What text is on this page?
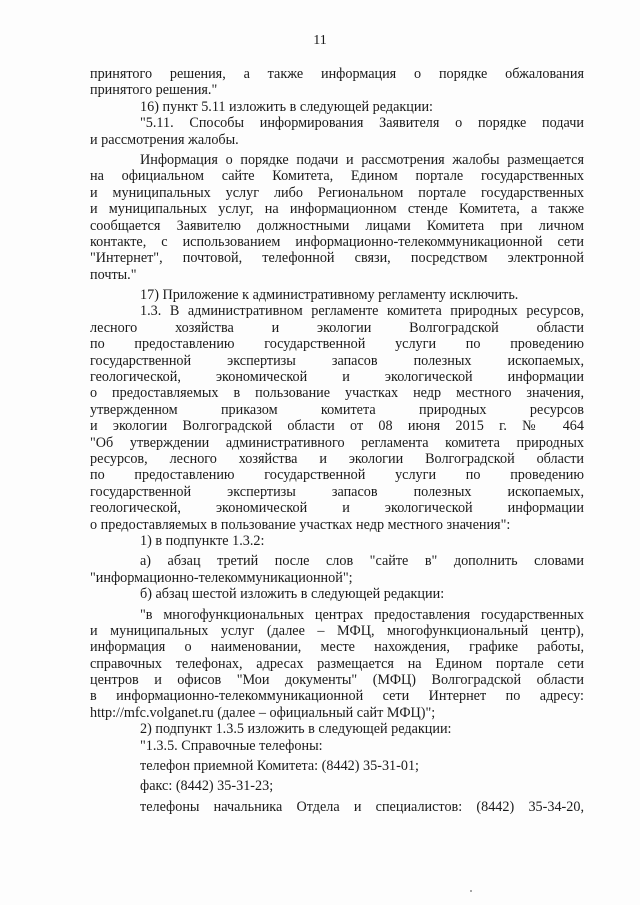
11
принятого решения, а также информация о порядке обжалования
принятого решения."
16) пункт 5.11 изложить в следующей редакции:
"5.11. Способы информирования Заявителя о порядке подачи
и рассмотрения жалобы.
Информация о порядке подачи и рассмотрения жалобы размещается
на официальном сайте Комитета, Едином портале государственных
и муниципальных услуг либо Региональном портале государственных
и муниципальных услуг, на информационном стенде Комитета, а также
сообщается Заявителю должностными лицами Комитета при личном
контакте, с использованием информационно-телекоммуникационной сети
"Интернет", почтовой, телефонной связи, посредством электронной
почты."
17) Приложение к административному регламенту исключить.
1.3. В административном регламенте комитета природных ресурсов,
лесного хозяйства и экологии Волгоградской области
по предоставлению государственной услуги по проведению
государственной экспертизы запасов полезных ископаемых,
геологической, экономической и экологической информации
о предоставляемых в пользование участках недр местного значения,
утвержденном приказом комитета природных ресурсов
и экологии Волгоградской области от 08 июня 2015 г. № 464
"Об утверждении административного регламента комитета природных
ресурсов, лесного хозяйства и экологии Волгоградской области
по предоставлению государственной услуги по проведению
государственной экспертизы запасов полезных ископаемых,
геологической, экономической и экологической информации
о предоставляемых в пользование участках недр местного значения":
1) в подпункте 1.3.2:
а) абзац третий после слов "сайте в" дополнить словами
"информационно-телекоммуникационной";
б) абзац шестой изложить в следующей редакции:
"в многофункциональных центрах предоставления государственных
и муниципальных услуг (далее – МФЦ, многофункциональный центр),
информация о наименовании, месте нахождения, графике работы,
справочных телефонах, адресах размещается на Едином портале сети
центров и офисов "Мои документы" (МФЦ) Волгоградской области
в информационно-телекоммуникационной сети Интернет по адресу:
http://mfc.volganet.ru (далее – официальный сайт МФЦ)";
2) подпункт 1.3.5 изложить в следующей редакции:
"1.3.5. Справочные телефоны:
телефон приемной Комитета: (8442) 35-31-01;
факс: (8442) 35-31-23;
телефоны начальника Отдела и специалистов: (8442) 35-34-20,
